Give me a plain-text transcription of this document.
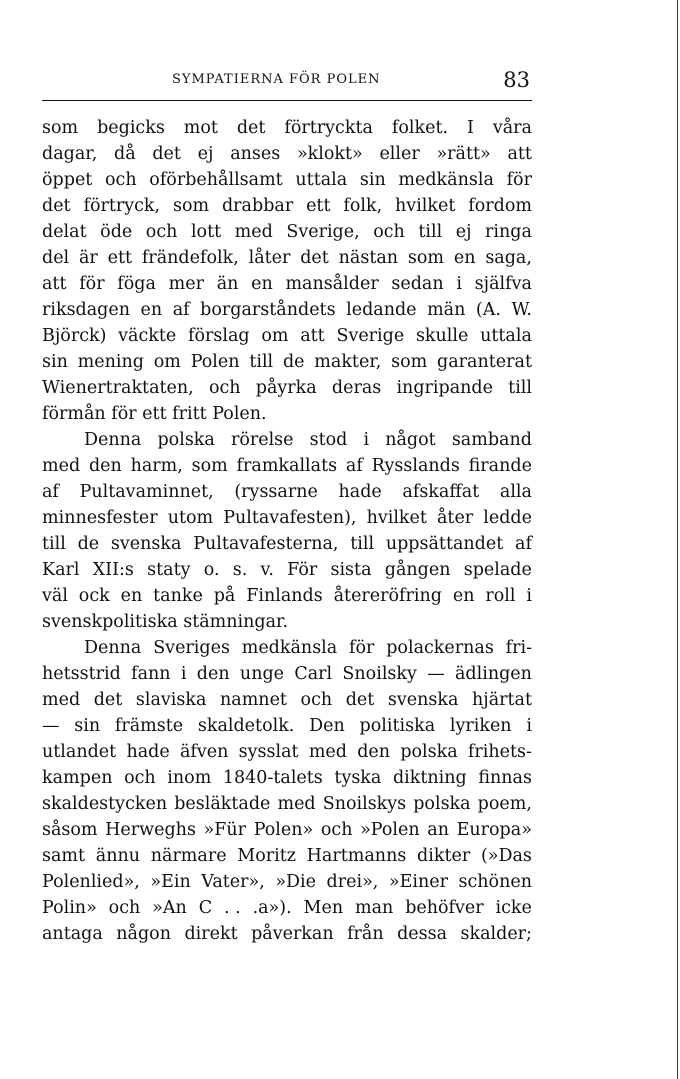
SYMPATIERNA FÖR POLEN	83
som begicks mot det förtryckta folket. I våra
dagar, då det ej anses »klokt» eller »rätt» att
öppet och oförbehållsamt uttala sin medkänsla för
det förtryck, som drabbar ett folk, hvilket fordom
delat öde och lott med Sverige, och till ej ringa
del är ett frändefolk, låter det nästan som en saga,
att för föga mer än en mansålder sedan i själfva
riksdagen en af borgarståndets ledande män (A. W.
Björck) väckte förslag om att Sverige skulle uttala
sin mening om Polen till de makter, som garanterat
Wienertraktaten, och påyrka deras ingripande till
förmån för ett fritt Polen.
Denna polska rörelse stod i något samband
med den harm, som framkallats af Rysslands firande
af Pultavaminnet, (ryssarne hade afskaffat alla
minnesfester utom Pultavafesten), hvilket åter ledde
till de svenska Pultavafesterna, till uppsättandet af
Karl XII:s staty o. s. v. För sista gången spelade
väl ock en tanke på Finlands återeröfring en roll i
svenskpolitiska stämningar.
Denna Sveriges medkänsla för polackernas fri-
hetsstrid fann i den unge Carl Snoilsky — ädlingen
med det slaviska namnet och det svenska hjärtat
— sin främste skaldetolk. Den politiska lyriken i
utlandet hade äfven sysslat med den polska frihets-
kampen och inom 1840-talets tyska diktning finnas
skaldestycken besläktade med Snoilskys polska poem,
såsom Herweghs »Für Polen» och »Polen an Europa»
samt ännu närmare Moritz Hartmanns dikter (»Das
Polenlied», »Ein Vater», »Die drei», »Einer schönen
Polin» och »An C . . .a»). Men man behöfver icke
antaga någon direkt påverkan från dessa skalder;
